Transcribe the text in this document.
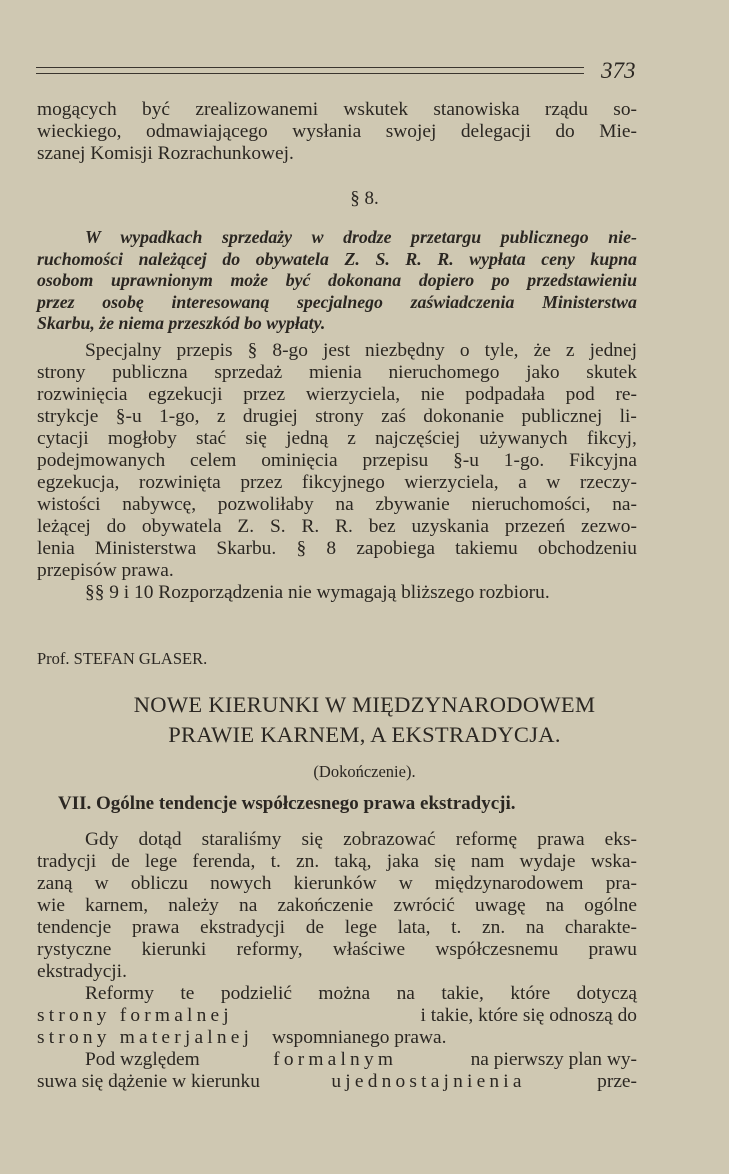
373
mogących być zrealizowanemi wskutek stanowiska rządu so-
wieckiego, odmawiającego wysłania swojej delegacji do Mie-
szanej Komisji Rozrachunkowej.
§ 8.
W wypadkach sprzedaży w drodze przetargu publicznego nie-
ruchomości należącej do obywatela Z. S. R. R. wypłata ceny kupna
osobom uprawnionym może być dokonana dopiero po przedstawieniu
przez osobę interesowaną specjalnego zaświadczenia Ministerstwa
Skarbu, że niema przeszkód bo wypłaty.
Specjalny przepis § 8-go jest niezbędny o tyle, że z jednej
strony publiczna sprzedaż mienia nieruchomego jako skutek
rozwinięcia egzekucji przez wierzyciela, nie podpadała pod re-
strykcje §-u 1-go, z drugiej strony zaś dokonanie publicznej li-
cytacji mogłoby stać się jedną z najczęściej używanych fikcyj,
podejmowanych celem ominięcia przepisu §-u 1-go. Fikcyjna
egzekucja, rozwinięta przez fikcyjnego wierzyciela, a w rzeczy-
wistości nabywcę, pozwoliłaby na zbywanie nieruchomości, na-
leżącej do obywatela Z. S. R. R. bez uzyskania przezeń zezwo-
lenia Ministerstwa Skarbu. § 8 zapobiega takiemu obchodzeniu
przepisów prawa.
§§ 9 i 10 Rozporządzenia nie wymagają bliższego rozbioru.
Prof. STEFAN GLASER.
NOWE KIERUNKI W MIĘDZYNARODOWEM
PRAWIE KARNEM, A EKSTRADYCJA.
(Dokończenie).
VII. Ogólne tendencje współczesnego prawa ekstradycji.
Gdy dotąd staraliśmy się zobrazować reformę prawa eks-
tradycji de lege ferenda, t. zn. taką, jaka się nam wydaje wska-
zaną w obliczu nowych kierunków w międzynarodowem pra-
wie karnem, należy na zakończenie zwrócić uwagę na ogólne
tendencje prawa ekstradycji de lege lata, t. zn. na charakte-
rystyczne kierunki reformy, właściwe współczesnemu prawu
ekstradycji.
Reformy te podzielić można na takie, które dotyczą
strony formalnej	i takie, które się odnoszą do
strony materjalnej wspomnianego prawa.
Pod względem	formalnym	na pierwszy plan wy-
suwa się dążenie w kierunku	ujednostajnienia	prze-
